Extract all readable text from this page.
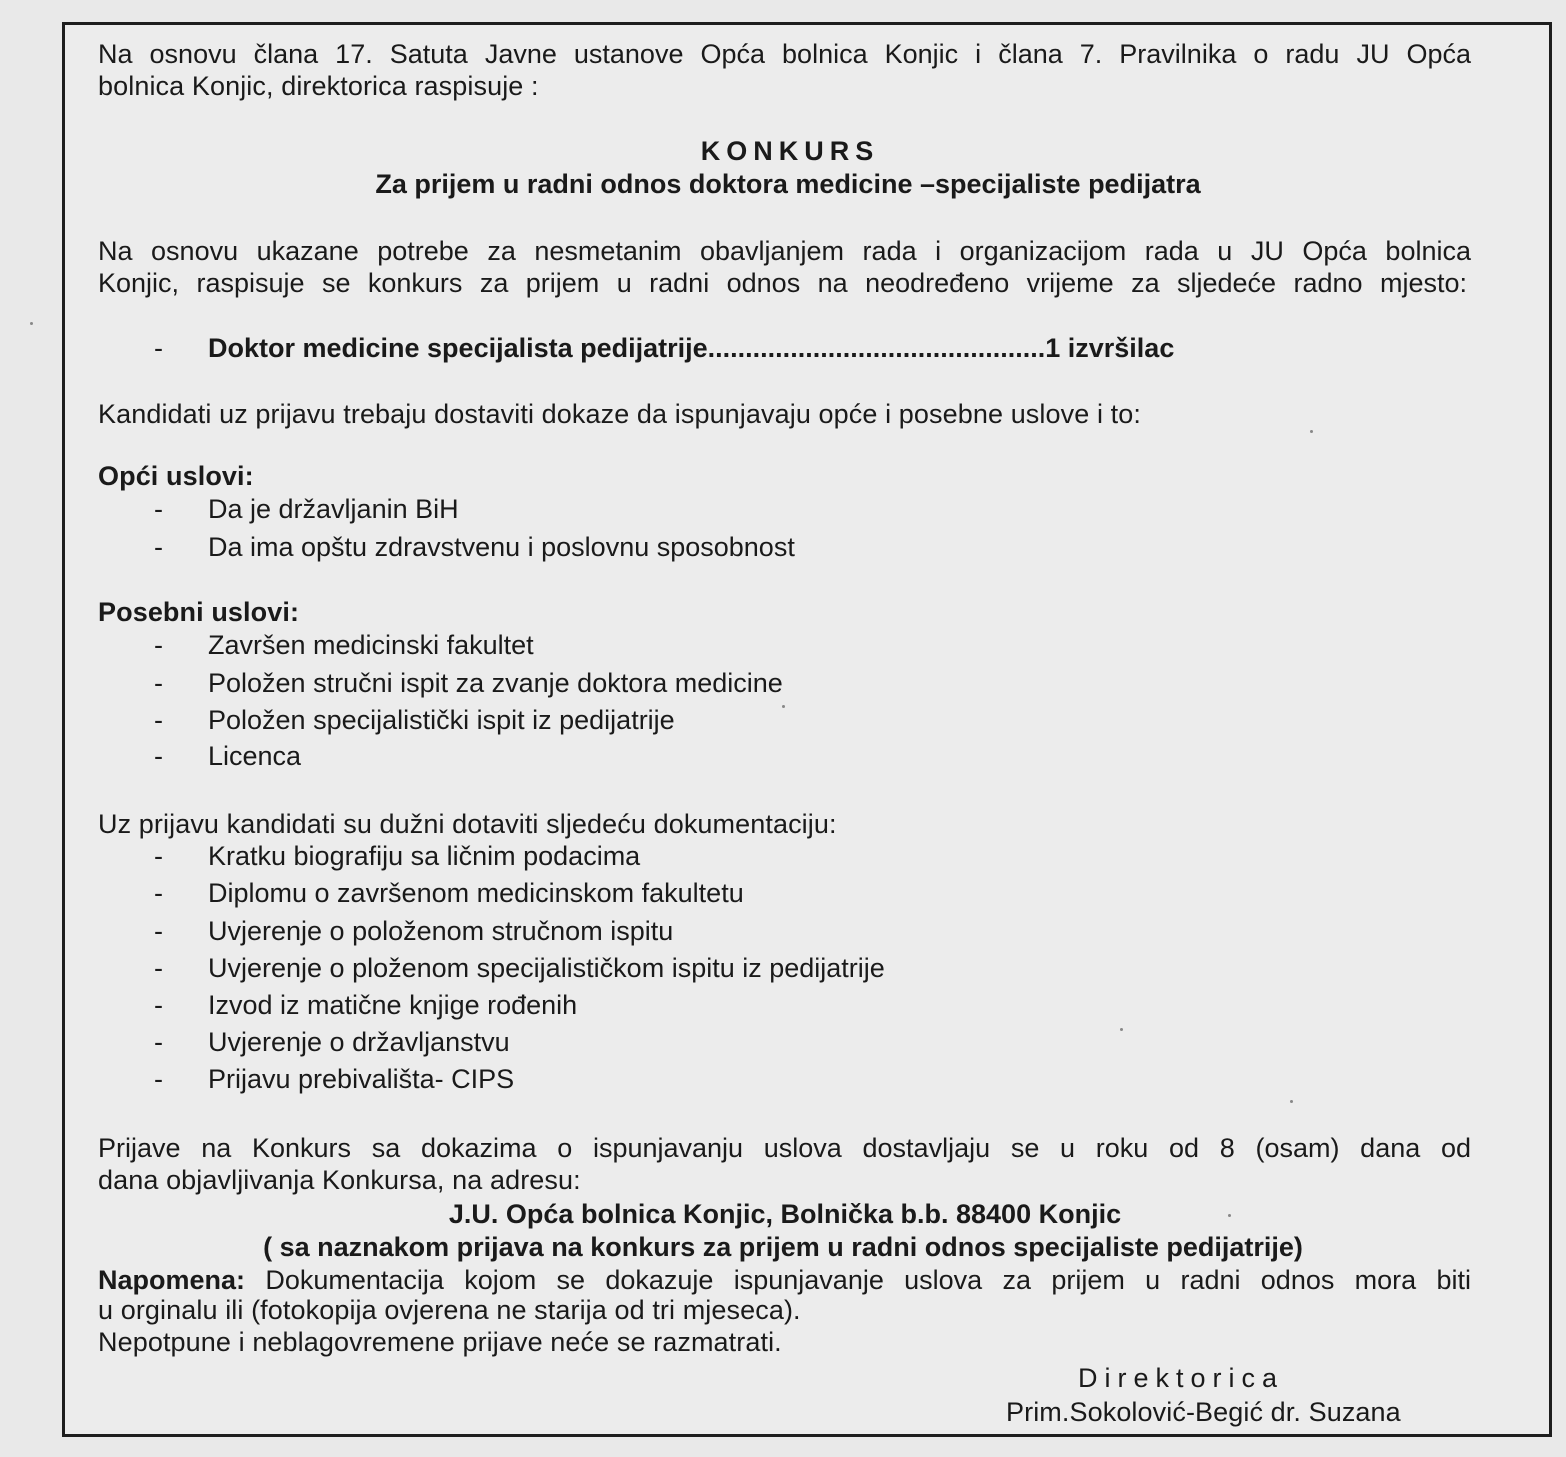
Na osnovu člana 17. Satuta Javne ustanove Opća bolnica Konjic i člana 7. Pravilnika o radu JU Opća
bolnica Konjic, direktorica raspisuje :
KONKURS
Za prijem u radni odnos doktora medicine –specijaliste pedijatra
Na osnovu ukazane potrebe za nesmetanim obavljanjem rada i organizacijom rada u JU Opća bolnica
Konjic, raspisuje se konkurs za prijem u radni odnos na neodređeno vrijeme za sljedeće radno mjesto:
- Doktor medicine specijalista pedijatrije.............................................1 izvršilac
Kandidati uz prijavu trebaju dostaviti dokaze da ispunjavaju opće i posebne uslove i to:
Opći uslovi:
- Da je državljanin BiH
- Da ima opštu zdravstvenu i poslovnu sposobnost
Posebni uslovi:
- Završen medicinski fakultet
- Položen stručni ispit za zvanje doktora medicine
- Položen specijalistički ispit iz pedijatrije
- Licenca
Uz prijavu kandidati su dužni dotaviti sljedeću dokumentaciju:
- Kratku biografiju sa ličnim podacima
- Diplomu o završenom medicinskom fakultetu
- Uvjerenje o položenom stručnom ispitu
- Uvjerenje o ploženom specijalističkom ispitu iz pedijatrije
- Izvod iz matične knjige rođenih
- Uvjerenje o državljanstvu
- Prijavu prebivališta- CIPS
Prijave na Konkurs sa dokazima o ispunjavanju uslova dostavljaju se u roku od 8 (osam) dana od
dana objavljivanja Konkursa, na adresu:
J.U. Opća bolnica Konjic, Bolnička b.b. 88400 Konjic
( sa naznakom prijava na konkurs za prijem u radni odnos specijaliste pedijatrije)
Napomena: Dokumentacija kojom se dokazuje ispunjavanje uslova za prijem u radni odnos mora biti
u orginalu ili (fotokopija ovjerena ne starija od tri mjeseca).
Nepotpune i neblagovremene prijave neće se razmatrati.
Direktorica
Prim.Sokolović-Begić dr. Suzana
